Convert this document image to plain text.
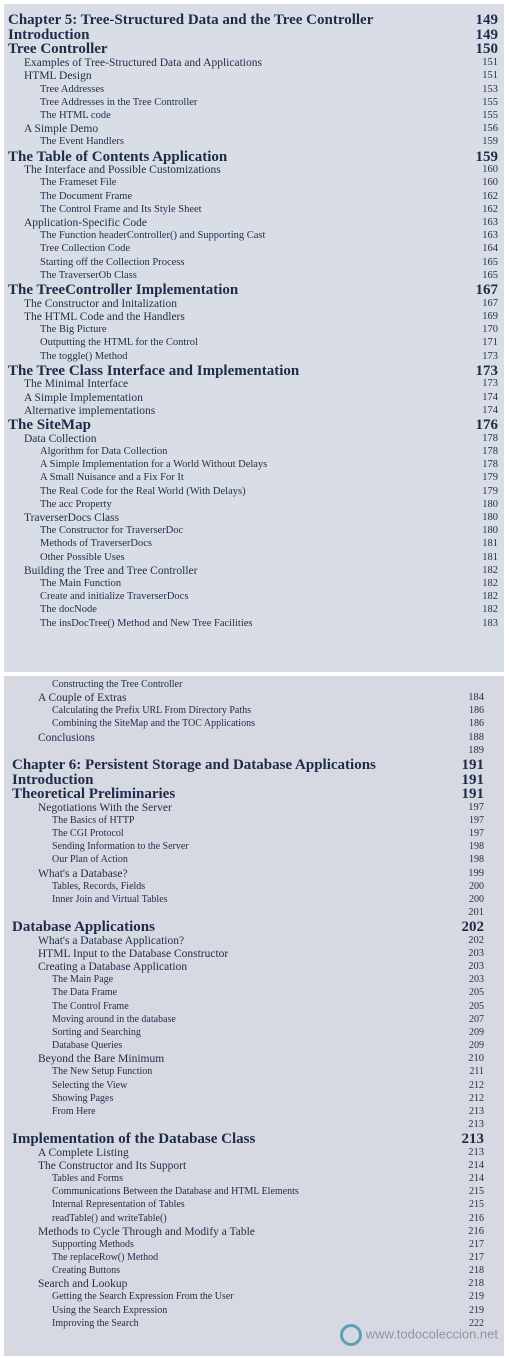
Chapter 5: Tree-Structured Data and the Tree Controller	149
Introduction	149
Tree Controller	150
Examples of Tree-Structured Data and Applications	151
HTML Design	151
Tree Addresses	153
Tree Addresses in the Tree Controller	155
The HTML code	155
A Simple Demo	156
The Event Handlers	159
The Table of Contents Application	159
The Interface and Possible Customizations	160
The Frameset File	160
The Document Frame	162
The Control Frame and Its Style Sheet	162
Application-Specific Code	163
The Function headerController() and Supporting Cast	163
Tree Collection Code	164
Starting off the Collection Process	165
The TraverserOb Class	165
The TreeController Implementation	167
The Constructor and Initalization	167
The HTML Code and the Handlers	169
The Big Picture	170
Outputting the HTML for the Control	171
The toggle() Method	173
The Tree Class Interface and Implementation	173
The Minimal Interface	173
A Simple Implementation	174
Alternative implementations	174
The SiteMap	176
Data Collection	178
Algorithm for Data Collection	178
A Simple Implementation for a World Without Delays	178
A Small Nuisance and a Fix For It	179
The Real Code for the Real World (With Delays)	179
The acc Property	180
TraverserDocs Class	180
The Constructor for TraverserDoc	180
Methods of TraverserDocs	181
Other Possible Uses	181
Building the Tree and Tree Controller	182
The Main Function	182
Create and initialize TraverserDocs	182
The docNode	182
The insDocTree() Method and New Tree Facilities	183
www.todocoleccion.net
Constructing the Tree Controller
A Couple of Extras	184
Calculating the Prefix URL From Directory Paths	186
Combining the SiteMap and the TOC Applications	186
Conclusions	188
189
Chapter 6: Persistent Storage and Database Applications	191
Introduction	191
Theoretical Preliminaries	191
Negotiations With the Server	197
The Basics of HTTP	197
The CGI Protocol	197
Sending Information to the Server	198
Our Plan of Action	198
What's a Database?	199
Tables, Records, Fields	200
Inner Join and Virtual Tables	200
201
Database Applications	202
What's a Database Application?	202
HTML Input to the Database Constructor	203
Creating a Database Application	203
The Main Page	203
The Data Frame	205
The Control Frame	205
Moving around in the database	207
Sorting and Searching	209
Database Queries	209
Beyond the Bare Minimum	210
The New Setup Function	211
Selecting the View	212
Showing Pages	212
From Here	213
213
Implementation of the Database Class	213
A Complete Listing	213
The Constructor and Its Support	214
Tables and Forms	214
Communications Between the Database and HTML Elements	215
Internal Representation of Tables	215
readTable() and writeTable()	216
Methods to Cycle Through and Modify a Table	216
Supporting Methods	217
The replaceRow() Method	217
Creating Buttons	218
Search and Lookup	218
Getting the Search Expression From the User	219
Using the Search Expression	219
Improving the Search	222
